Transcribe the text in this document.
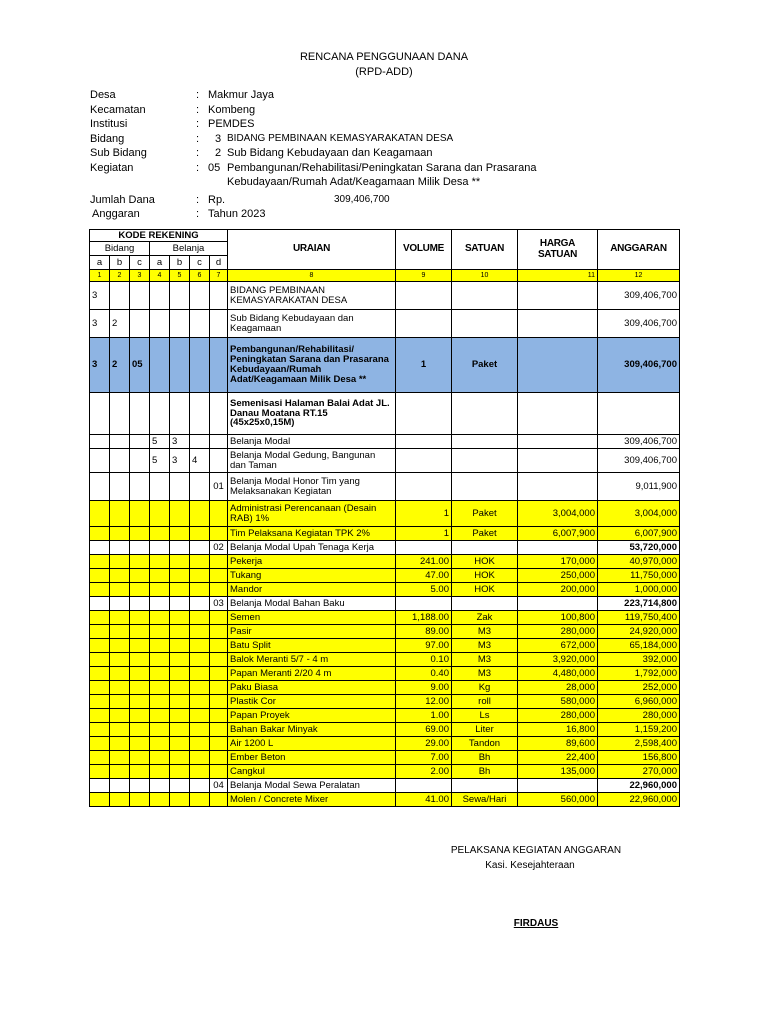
RENCANA PENGGUNAAN DANA
(RPD-ADD)
Desa	: Makmur Jaya
Kecamatan	: Kombeng
Institusi	: PEMDES
Bidang	: 3 BIDANG PEMBINAAN KEMASYARAKATAN DESA
Sub Bidang	: 2 Sub Bidang Kebudayaan dan Keagamaan
Kegiatan	: 05 Pembangunan/Rehabilitasi/Peningkatan Sarana dan Prasarana
Kebudayaan/Rumah Adat/Keagamaan Milik Desa **
Jumlah Dana	: Rp.	309,406,700
Anggaran	: Tahun 2023
KODE REKENING							URAIAN	VOLUME	SATUAN	HARGA SATUAN	ANGGARAN
Bidang			Belanja								
a	b	c	a	b	c	d					
1	2	3	4	5	6	7	8	9	10	11	12
3							BIDANG PEMBINAAN KEMASYARAKATAN DESA				309,406,700
3	2						Sub Bidang Kebudayaan dan Keagamaan				309,406,700
3	2	05					Pembangunan/Rehabilitasi/ Peningkatan Sarana dan Prasarana Kebudayaan/Rumah Adat/Keagamaan Milik Desa **	1	Paket		309,406,700
							Semenisasi Halaman Balai Adat JL. Danau Moatana RT.15 (45x25x0,15M)				
			5	3			Belanja Modal				309,406,700
			5	3	4		Belanja Modal Gedung, Bangunan dan Taman				309,406,700
						01	Belanja Modal Honor Tim yang Melaksanakan Kegiatan				9,011,900
							Administrasi Perencanaan (Desain RAB) 1%	1	Paket	3,004,000	3,004,000
							Tim Pelaksana Kegiatan TPK 2%	1	Paket	6,007,900	6,007,900
						02	Belanja Modal Upah Tenaga Kerja				53,720,000
							Pekerja	241.00	HOK	170,000	40,970,000
							Tukang	47.00	HOK	250,000	11,750,000
							Mandor	5.00	HOK	200,000	1,000,000
						03	Belanja Modal Bahan Baku				223,714,800
							Semen	1,188.00	Zak	100,800	119,750,400
							Pasir	89.00	M3	280,000	24,920,000
							Batu Split	97.00	M3	672,000	65,184,000
							Balok Meranti 5/7 - 4 m	0.10	M3	3,920,000	392,000
							Papan Meranti 2/20 4 m	0.40	M3	4,480,000	1,792,000
							Paku Biasa	9.00	Kg	28,000	252,000
							Plastik Cor	12.00	roll	580,000	6,960,000
							Papan Proyek	1.00	Ls	280,000	280,000
							Bahan Bakar Minyak	69.00	Liter	16,800	1,159,200
							Air 1200 L	29.00	Tandon	89,600	2,598,400
							Ember Beton	7.00	Bh	22,400	156,800
							Cangkul	2.00	Bh	135,000	270,000
						04	Belanja Modal Sewa Peralatan				22,960,000
							Molen / Concrete Mixer	41.00	Sewa/Hari	560,000	22,960,000
PELAKSANA KEGIATAN ANGGARAN
Kasi. Kesejahteraan
FIRDAUS
